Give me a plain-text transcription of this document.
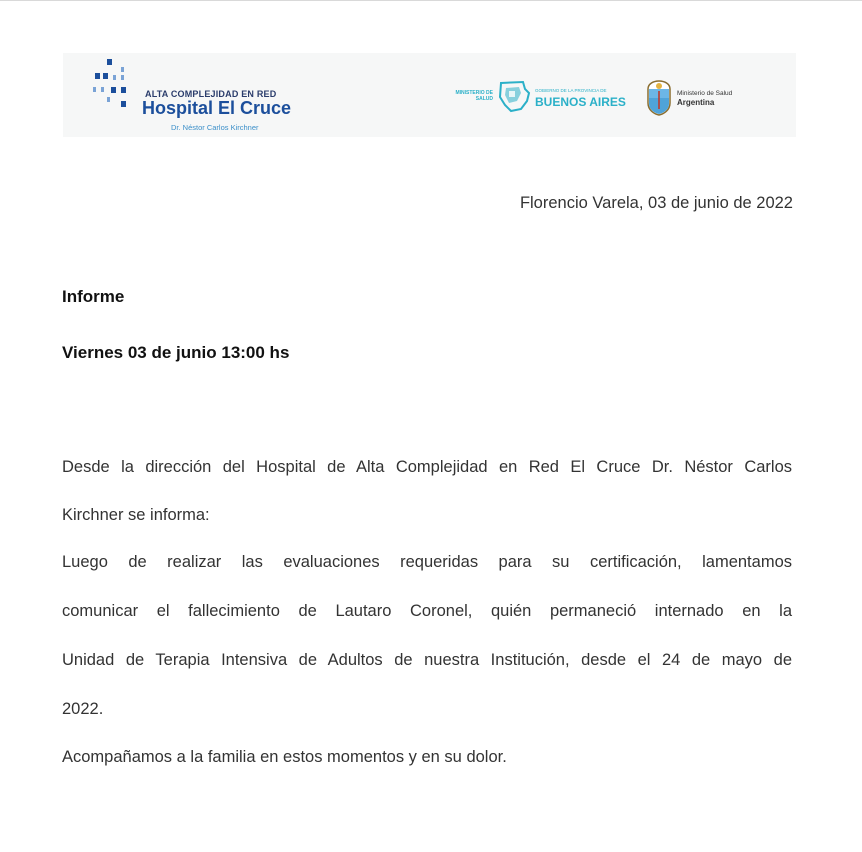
ALTA COMPLEJIDAD EN RED
Hospital El Cruce
Dr. Néstor Carlos Kirchner
MINISTERIO DE SALUD
GOBIERNO DE LA PROVINCIA DE
BUENOS AIRES
Ministerio de Salud
Argentina
Florencio Varela, 03 de junio de 2022
Informe
Viernes 03 de junio 13:00 hs
Desde la dirección del Hospital de Alta Complejidad en Red El Cruce Dr. Néstor Carlos
Kirchner se informa:
Luego de realizar las evaluaciones requeridas para su certificación, lamentamos
comunicar el fallecimiento de Lautaro Coronel, quién permaneció internado en la
Unidad de Terapia Intensiva de Adultos de nuestra Institución, desde el 24 de mayo de
2022.
Acompañamos a la familia en estos momentos y en su dolor.
